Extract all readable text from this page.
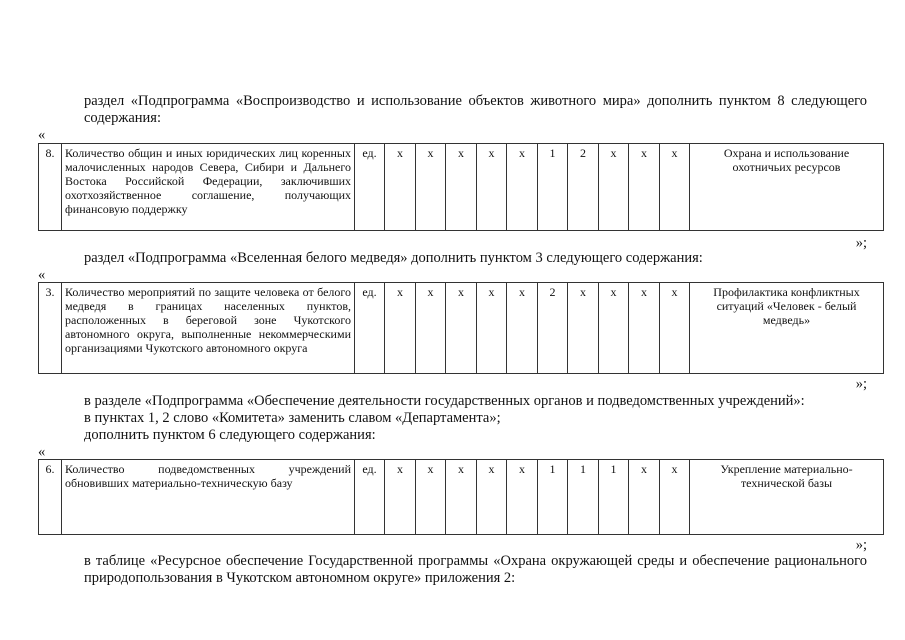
раздел «Подпрограмма «Воспроизводство и использование объектов животного мира» дополнить пунктом 8 следующего содержания:
«
8.	Количество общин и иных юридических лиц коренных малочисленных народов Севера, Сибири и Дальнего Востока Российской Федерации, заключивших охотхозяйственное соглашение, получающих финансовую поддержку	ед.	х	х	х	х	х	1	2	х	х	х	Охрана и использование охотничьих ресурсов
»;
раздел «Подпрограмма «Вселенная белого медведя» дополнить пунктом 3 следующего содержания:
«
3.	Количество мероприятий по защите человека от белого медведя в границах населенных пунктов, расположенных в береговой зоне Чукотского автономного округа, выполненные некоммерческими организациями Чукотского автономного округа	ед.	х	х	х	х	х	2	х	х	х	х	Профилактика конфликтных ситуаций «Человек - белый медведь»
»;
в разделе «Подпрограмма «Обеспечение деятельности государственных органов и подведомственных учреждений»:
в пунктах 1, 2 слово «Комитета» заменить славом «Департамента»;
дополнить пунктом 6 следующего содержания:
«
6.	Количество подведомственных учреждений обновивших материально-техническую базу	ед.	х	х	х	х	х	1	1	1	х	х	Укрепление материально-технической базы
»;
в таблице «Ресурсное обеспечение Государственной программы «Охрана окружающей среды и обеспечение рационального природопользования в Чукотском автономном округе» приложения 2:
